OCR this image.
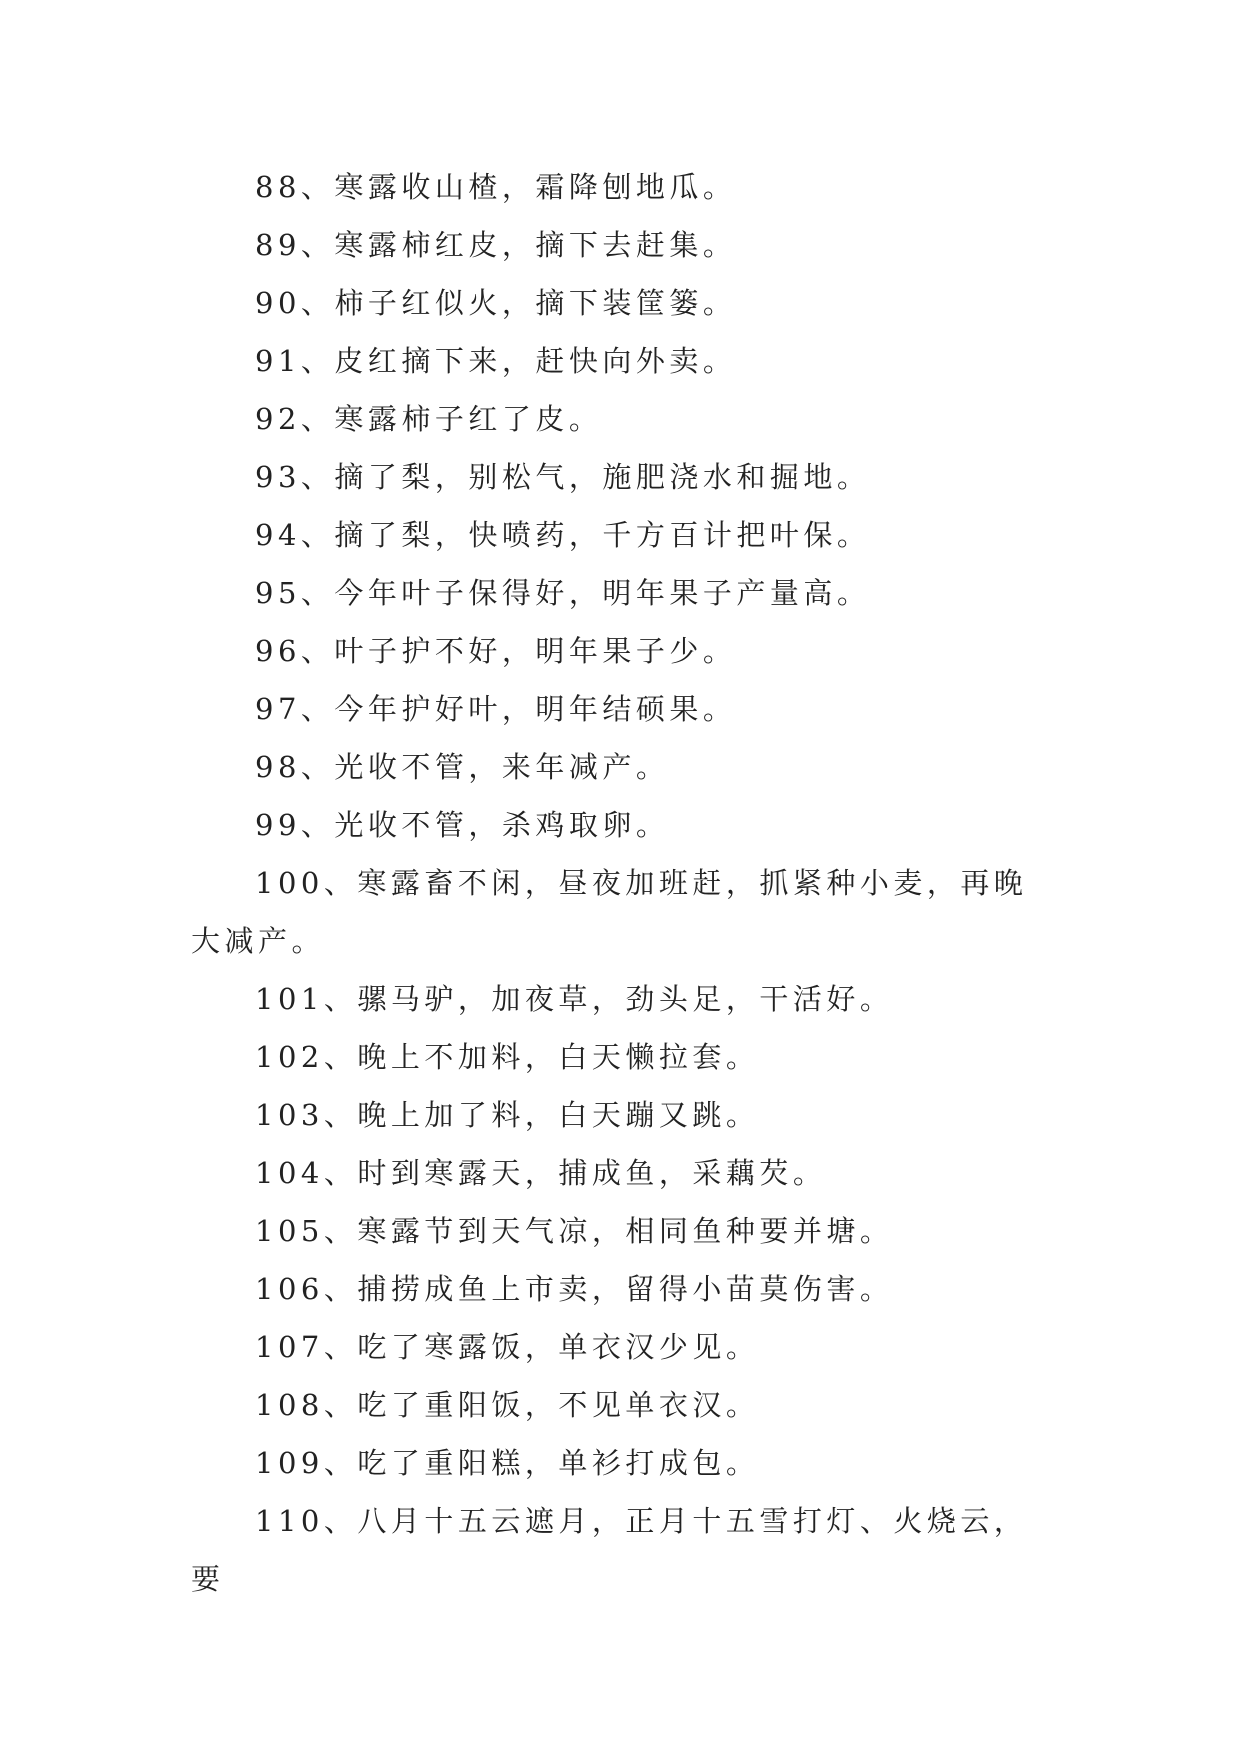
88、寒露收山楂，霜降刨地瓜。

89、寒露柿红皮，摘下去赶集。

90、柿子红似火，摘下装筐篓。

91、皮红摘下来，赶快向外卖。

92、寒露柿子红了皮。

93、摘了梨，别松气，施肥浇水和掘地。

94、摘了梨，快喷药，千方百计把叶保。

95、今年叶子保得好，明年果子产量高。

96、叶子护不好，明年果子少。

97、今年护好叶，明年结硕果。

98、光收不管，来年减产。

99、光收不管，杀鸡取卵。

100、寒露畜不闲，昼夜加班赶，抓紧种小麦，再晚大减产。

101、骡马驴，加夜草，劲头足，干活好。

102、晚上不加料，白天懒拉套。

103、晚上加了料，白天蹦又跳。

104、时到寒露天，捕成鱼，采藕芡。

105、寒露节到天气凉，相同鱼种要并塘。

106、捕捞成鱼上市卖，留得小苗莫伤害。

107、吃了寒露饭，单衣汉少见。

108、吃了重阳饭，不见单衣汉。

109、吃了重阳糕，单衫打成包。

110、八月十五云遮月，正月十五雪打灯、火烧云，要
